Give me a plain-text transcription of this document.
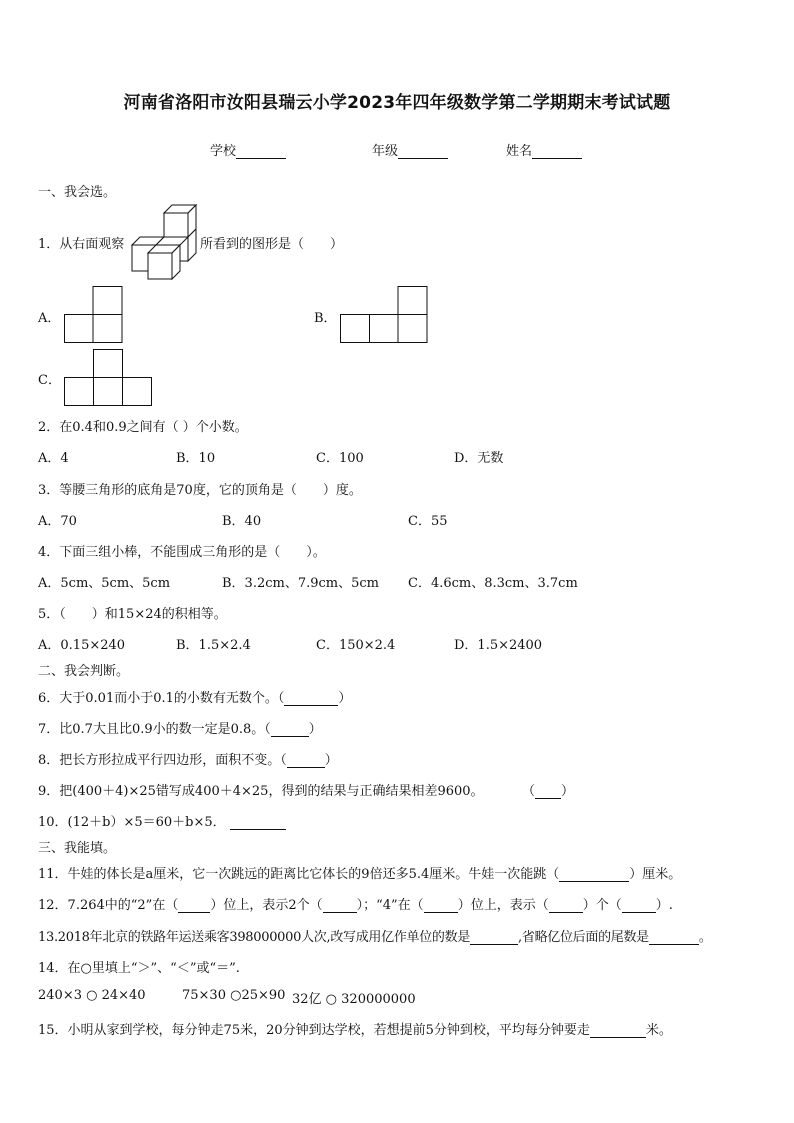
河南省洛阳市汝阳县瑞云小学2023年四年级数学第二学期期末考试试题
学校	年级	姓名
一、我会选。
1．从右面观察	所看到的图形是（　　）
A．	B．
C．
2．在0.4和0.9之间有（ ）个小数。
A．4	B．10	C．100	D．无数
3．等腰三角形的底角是70度，它的顶角是（　　）度。
A．70	B．40	C．55
4．下面三组小棒，不能围成三角形的是（　　）。
A．5cm、5cm、5cm	B．3.2cm、7.9cm、5cm C．4.6cm、8.3cm、3.7cm
5．（　　）和15×24的积相等。
A．0.15×240	B．1.5×2.4	C．150×2.4	D．1.5×2400
二、我会判断。
6．大于0.01而小于0.1的小数有无数个。（	）
7．比0.7大且比0.9小的数一定是0.8。（	）
8．把长方形拉成平行四边形，面积不变。（	）
9．把(400＋4)×25错写成400＋4×25，得到的结果与正确结果相差9600。	（ ）
10．(12＋b）×5＝60＋b×5．
三、我能填。
11．牛娃的体长是a厘米，它一次跳远的距离比它体长的9倍还多5.4厘米。牛娃一次能跳（	）厘米。
12．7.264中的“2”在（ ）位上，表示2个（	）；“4”在（	）位上，表示（	）个（	）.
13.2018年北京的铁路年运送乘客398000000人次,改写成用亿作单位的数是	,省略亿位后面的尾数是	。
14．在○里填上“＞”、“＜”或“＝”.
240×3 ○ 24×40	75×30 ○25×90 32亿 ○ 320000000
15．小明从家到学校，每分钟走75米，20分钟到达学校，若想提前5分钟到校，平均每分钟要走	米。
